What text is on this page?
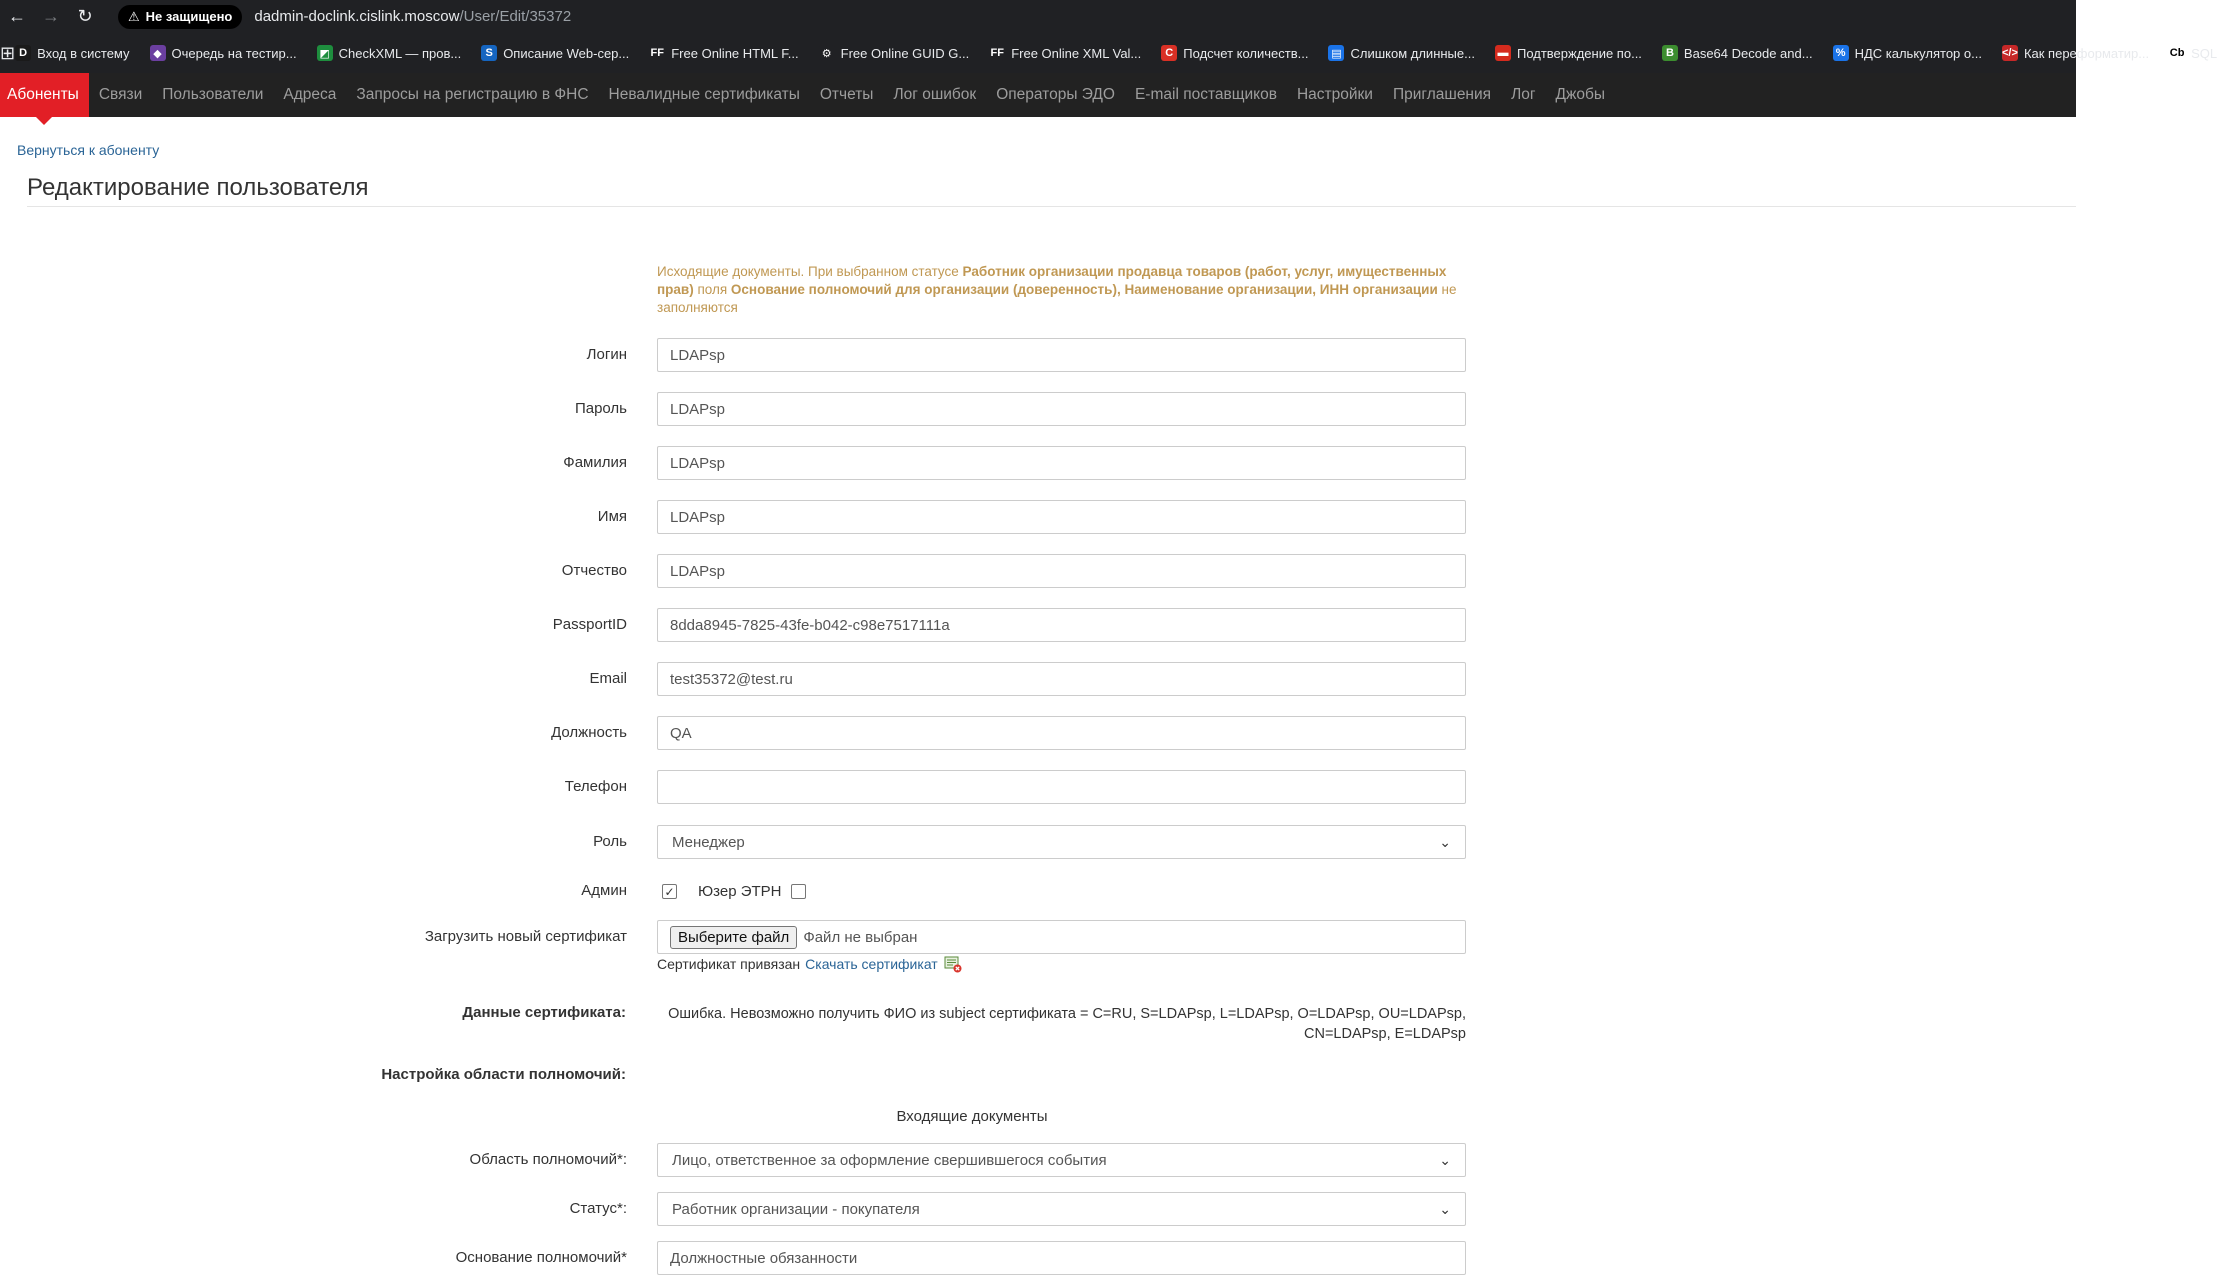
← → ↻	⚠ Не защищено dadmin-doclink.cislink.moscow/User/Edit/35372
⊞ D Вход в систему	◆ Очередь на тестир... ◩ CheckXML — пров...	S Описание Web-сер... FF Free Online HTML F... ⚙ Free Online GUID G... FF Free Online XML Val...	C Подсчет количеств... ▤ Слишком длинные... ▬ Подтверждение по...	B Base64 Decode and... % НДС калькулятор о... </> Как переформатир... Cb SQL
Абоненты	Связи	Пользователи	Адреса	Запросы на регистрацию в ФНС	Невалидные сертификаты	Отчеты	Лог ошибок	Операторы ЭДО	E-mail поставщиков	Настройки	Приглашения	Лог	Джобы
Вернуться к абоненту
Редактирование пользователя
Исходящие документы. При выбранном статусе Работник организации продавца товаров (работ, услуг, имущественных прав) поля Основание полномочий для организации (доверенность), Наименование организации, ИНН организации не заполняются
Логин	LDAPsp
Пароль	LDAPsp
Фамилия	LDAPsp
Имя	LDAPsp
Отчество	LDAPsp
PassportID	8dda8945-7825-43fe-b042-c98e7517111a
Email	test35372@test.ru
Должность	QA
Телефон
Роль	Менеджер	⌄
Админ	✓ Юзер ЭТРН
Загрузить новый сертификат	Выберите файл Файл не выбран
Сертификат привязан Скачать сертификат
Данные сертификата:	Ошибка. Невозможно получить ФИО из subject сертификата = C=RU, S=LDAPsp, L=LDAPsp, O=LDAPsp, OU=LDAPsp, CN=LDAPsp, E=LDAPsp
Настройка области полномочий:
Входящие документы
Область полномочий*:	Лицо, ответственное за оформление свершившегося события	⌄
Статус*:	Работник организации - покупателя	⌄
Основание полномочий*	Должностные обязанности
